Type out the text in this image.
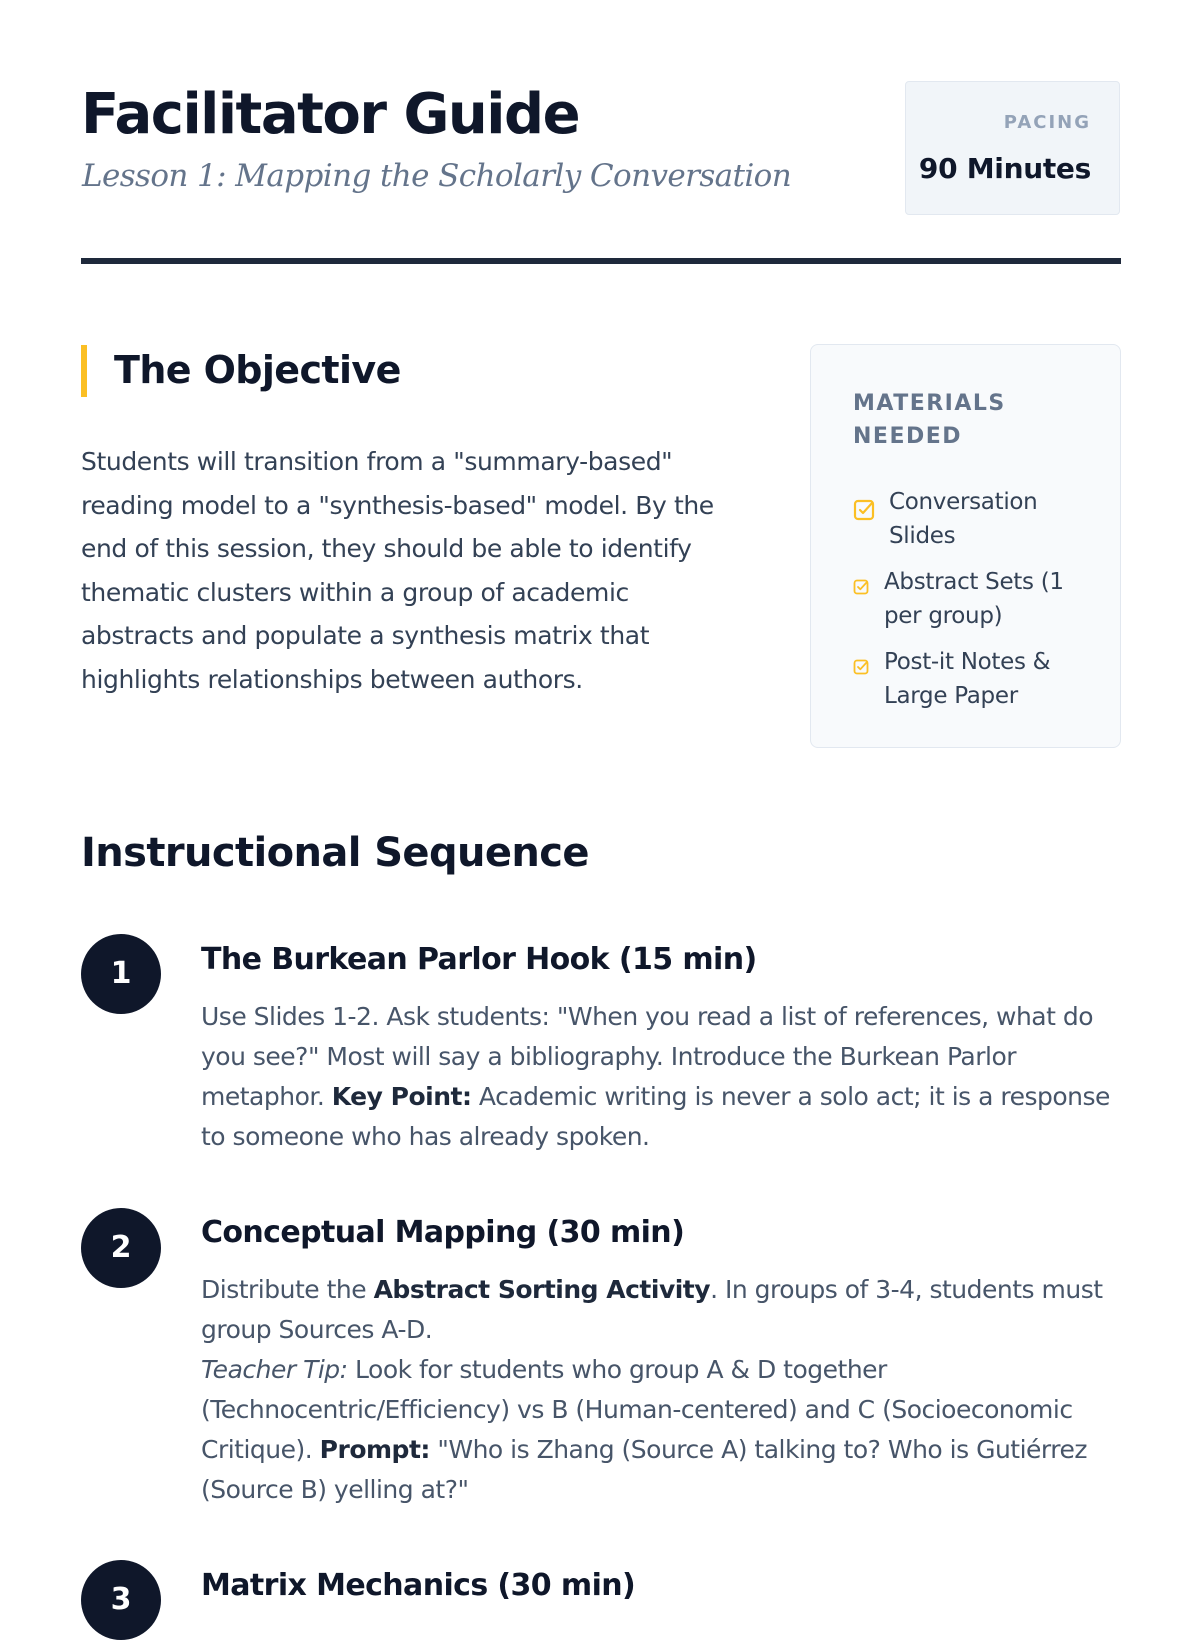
Facilitator Guide

Lesson 1: Mapping the Scholarly Conversation

PACING
90 Minutes
The Objective

Students will transition from a "summary-based" reading model to a "synthesis-based" model. By the end of this session, they should be able to identify thematic clusters within a group of academic abstracts and populate a synthesis matrix that highlights relationships between authors.

MATERIALS NEEDED
Conversation Slides
Abstract Sets (1 per group)
Post-it Notes & Large Paper
Instructional Sequence
1	The Burkean Parlor Hook (15 min)

Use Slides 1-2. Ask students: "When you read a list of references, what do you see?" Most will say a bibliography. Introduce the Burkean Parlor metaphor. Key Point: Academic writing is never a solo act; it is a response to someone who has already spoken.

2	Conceptual Mapping (30 min)

Distribute the Abstract Sorting Activity. In groups of 3-4, students must group Sources A-D.
Teacher Tip: Look for students who group A & D together (Technocentric/Efficiency) vs B (Human-centered) and C (Socioeconomic Critique). Prompt: "Who is Zhang (Source A) talking to? Who is Gutiérrez (Source B) yelling at?"

3	Matrix Mechanics (30 min)
